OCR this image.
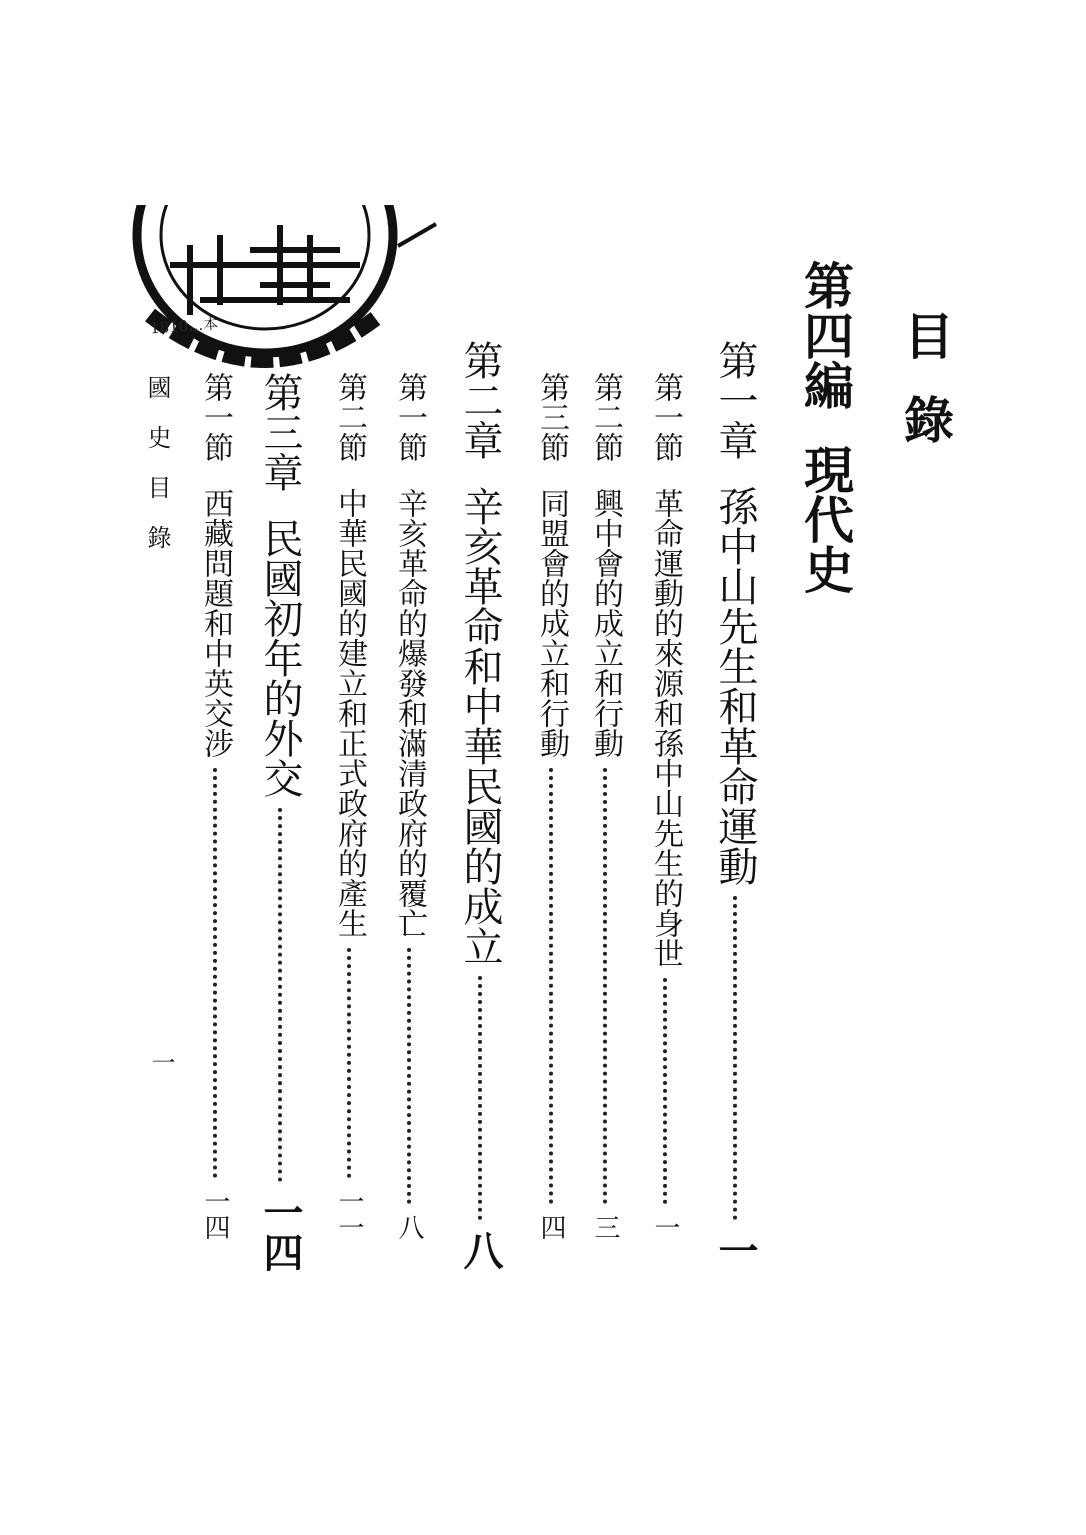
1810…本	目錄
第四編現代史
第一章
孫中山先生和革命運動
一
第一節
革命運動的來源和孫中山先生的身世
一
第二節
興中會的成立和行動
三
第三節
同盟會的成立和行動
四
第二章
辛亥革命和中華民國的成立
八
第一節
辛亥革命的爆發和滿清政府的覆亡
八
第二節
中華民國的建立和正式政府的產生
一一
第三章
民國初年的外交
一四
第一節
西藏問題和中英交涉
一四
國史目錄
一
